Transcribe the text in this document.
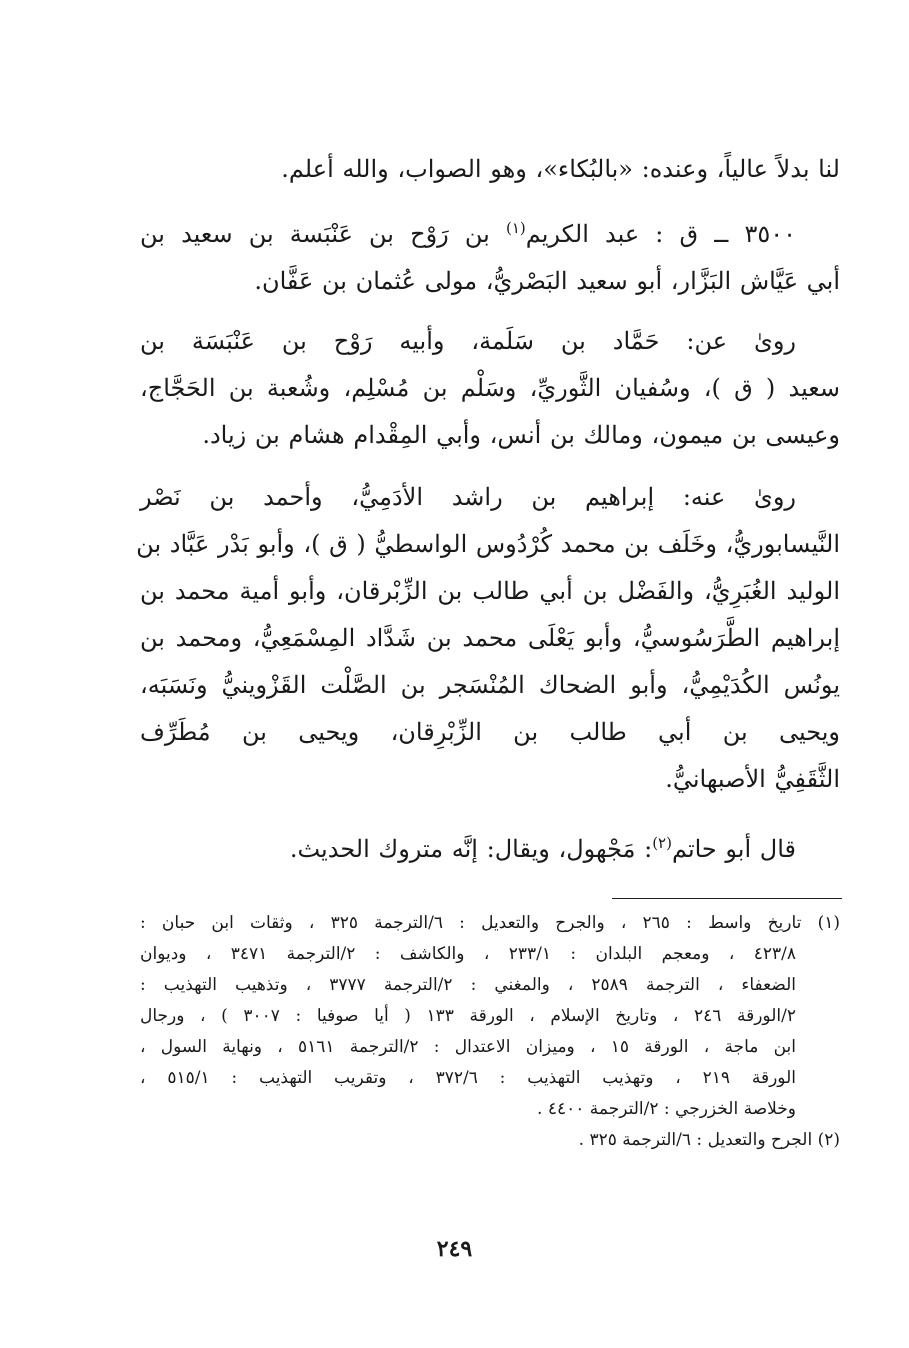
لنا بدلاً عالياً، وعنده: «بالبُكاء»، وهو الصواب، والله أعلم.

٣٥٠٠ ــ ق : عبد الكريم$^{(١)}$ بن رَوْح بن عَنْبَسة بن سعيد بن
أبي عَيَّاش البَزَّار، أبو سعيد البَصْريُّ، مولى عُثمان بن عَفَّان.

روىٰ عن: حَمَّاد بن سَلَمة، وأبيه رَوْح بن عَنْبَسَة بن
سعيد ( ق )، وسُفيان الثَّوريِّ، وسَلْم بن مُسْلِم، وشُعبة بن الحَجَّاج،
وعيسى بن ميمون، ومالك بن أنس، وأبي المِقْدام هشام بن زياد.

روىٰ عنه: إبراهيم بن راشد الأدَمِيُّ، وأحمد بن نَصْر
النَّيسابوريُّ، وخَلَف بن محمد كُرْدُوس الواسطيُّ ( ق )، وأبو بَدْر عَبَّاد بن
الوليد الغُبَرِيُّ، والفَضْل بن أبي طالب بن الزِّبْرقان، وأبو أمية محمد بن
إبراهيم الطَّرَسُوسيُّ، وأبو يَعْلَى محمد بن شَدَّاد المِسْمَعِيُّ، ومحمد بن
يونُس الكُدَيْمِيُّ، وأبو الضحاك المُنْسَجر بن الصَّلْت القَزْوينيُّ ونَسَبَه،
ويحيى بن أبي طالب بن الزِّبْرِقان، ويحيى بن مُطَرِّف
الثَّقَفِيُّ الأصبهانيُّ.

قال أبو حاتم$^{(٢)}$: مَجْهول، ويقال: إنَّه متروك الحديث.

(١) تاريخ واسط : ٢٦٥ ، والجرح والتعديل : ٦/الترجمة ٣٢٥ ، وثقات ابن حبان :
٤٢٣/٨ ، ومعجم البلدان : ٢٣٣/١ ، والكاشف : ٢/الترجمة ٣٤٧١ ، وديوان
الضعفاء ، الترجمة ٢٥٨٩ ، والمغني : ٢/الترجمة ٣٧٧٧ ، وتذهيب التهذيب :
٢/الورقة ٢٤٦ ، وتاريخ الإسلام ، الورقة ١٣٣ ( أيا صوفيا : ٣٠٠٧ ) ، ورجال
ابن ماجة ، الورقة ١٥ ، وميزان الاعتدال : ٢/الترجمة ٥١٦١ ، ونهاية السول ،
الورقة ٢١٩ ، وتهذيب التهذيب : ٣٧٢/٦ ، وتقريب التهذيب : ٥١٥/١ ،
وخلاصة الخزرجي : ٢/الترجمة ٤٤٠٠ .

(٢) الجرح والتعديل : ٦/الترجمة ٣٢٥ .

٢٤٩
